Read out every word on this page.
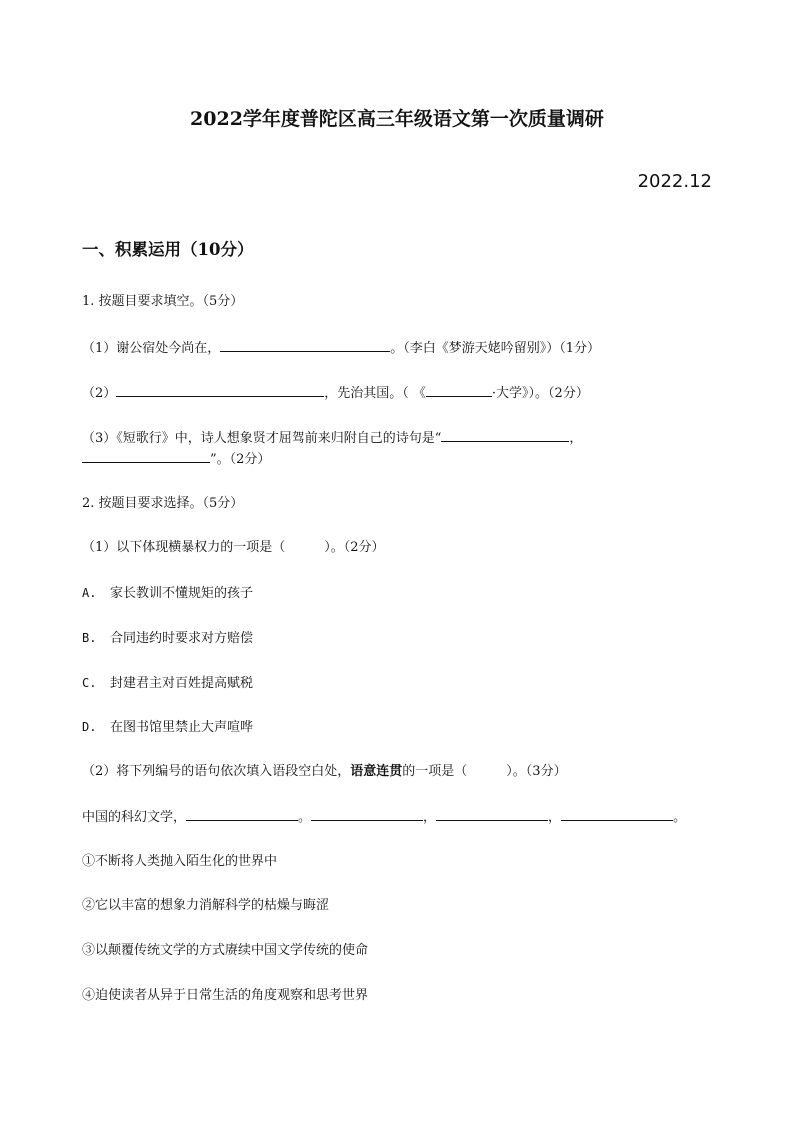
2022学年度普陀区高三年级语文第一次质量调研
2022.12
一、积累运用（10分）
1. 按题目要求填空。（5分）
（1）谢公宿处今尚在，	。（李白《梦游天姥吟留别》）（1分）
（2）	，先治其国。（ 《	·大学》）。（2分）
（3）《短歌行》中，诗人想象贤才屈驾前来归附自己的诗句是“	，
”。（2分）
2. 按题目要求选择。（5分）
（1）以下体现横暴权力的一项是（　　　）。（2分）
A. 家长教训不懂规矩的孩子
B. 合同违约时要求对方赔偿
C. 封建君主对百姓提高赋税
D. 在图书馆里禁止大声喧哗
（2）将下列编号的语句依次填入语段空白处，语意连贯的一项是（　　　）。（3分）
中国的科幻文学，	。	，	，	。
①不断将人类抛入陌生化的世界中
②它以丰富的想象力消解科学的枯燥与晦涩
③以颠覆传统文学的方式赓续中国文学传统的使命
④迫使读者从异于日常生活的角度观察和思考世界
